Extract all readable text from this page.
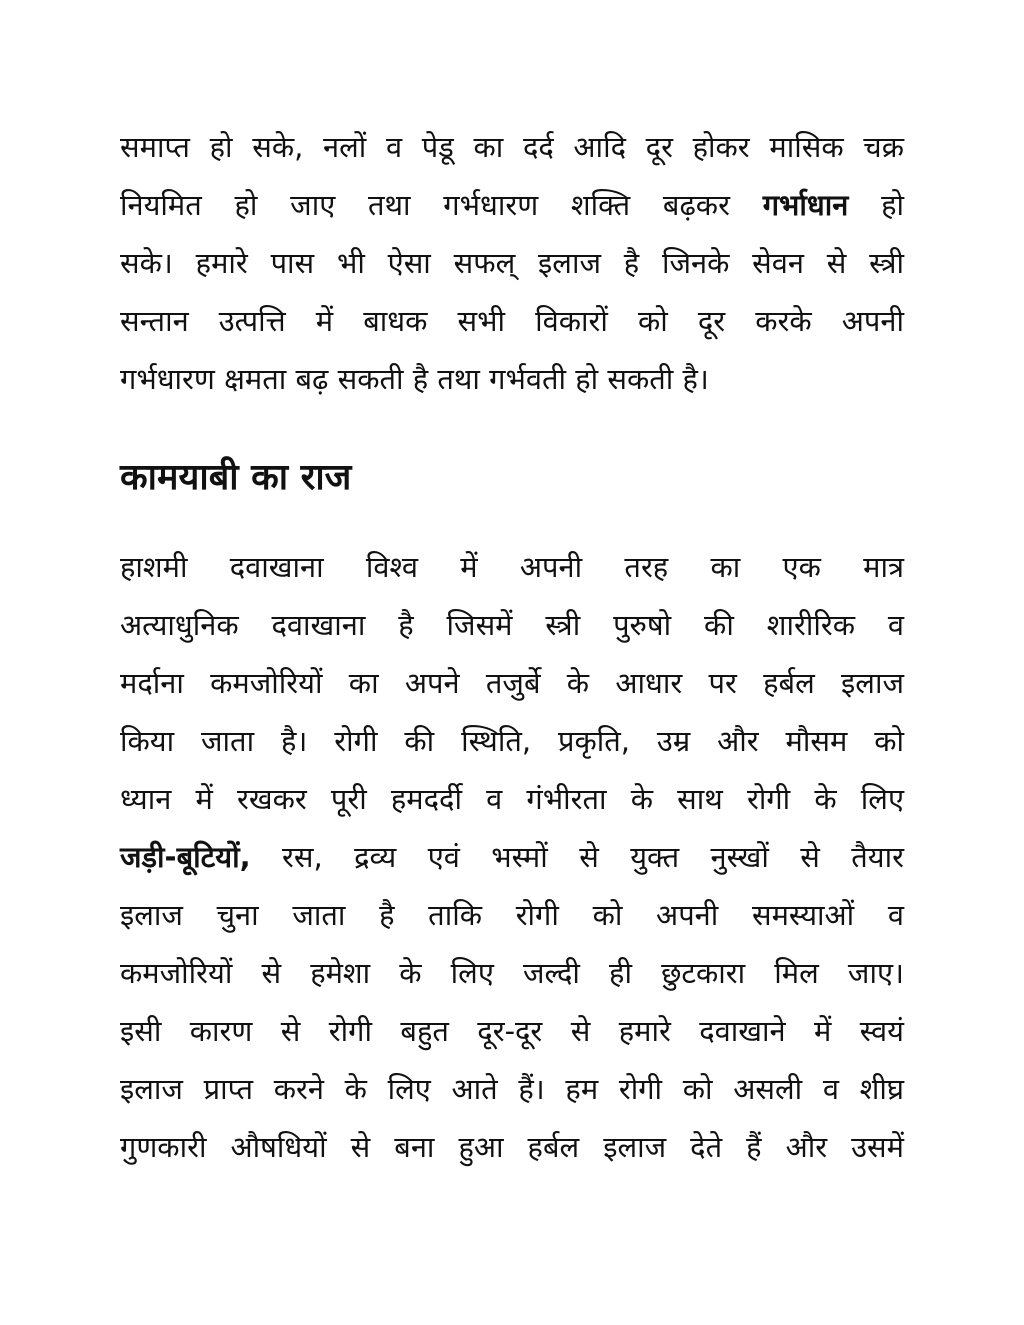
समाप्त हो सके, नलों व पेडू का दर्द आदि दूर होकर मासिक चक्र
नियमित हो जाए तथा गर्भधारण शक्ति बढ़कर गर्भाधान हो
सके। हमारे पास भी ऐसा सफल् इलाज है जिनके सेवन से स्त्री
सन्तान उत्पत्ति में बाधक सभी विकारों को दूर करके अपनी
गर्भधारण क्षमता बढ़ सकती है तथा गर्भवती हो सकती है।
कामयाबी का राज
हाशमी दवाखाना विश्व में अपनी तरह का एक मात्र
अत्याधुनिक दवाखाना है जिसमें स्त्री पुरुषो की शारीरिक व
मर्दाना कमजोरियों का अपने तजुर्बे के आधार पर हर्बल इलाज
किया जाता है। रोगी की स्थिति, प्रकृति, उम्र और मौसम को
ध्यान में रखकर पूरी हमदर्दी व गंभीरता के साथ रोगी के लिए
जड़ी-बूटियों, रस, द्रव्य एवं भस्मों से युक्त नुस्खों से तैयार
इलाज चुना जाता है ताकि रोगी को अपनी समस्याओं व
कमजोरियों से हमेशा के लिए जल्दी ही छुटकारा मिल जाए।
इसी कारण से रोगी बहुत दूर-दूर से हमारे दवाखाने में स्वयं
इलाज प्राप्त करने के लिए आते हैं। हम रोगी को असली व शीघ्र
गुणकारी औषधियों से बना हुआ हर्बल इलाज देते हैं और उसमें
